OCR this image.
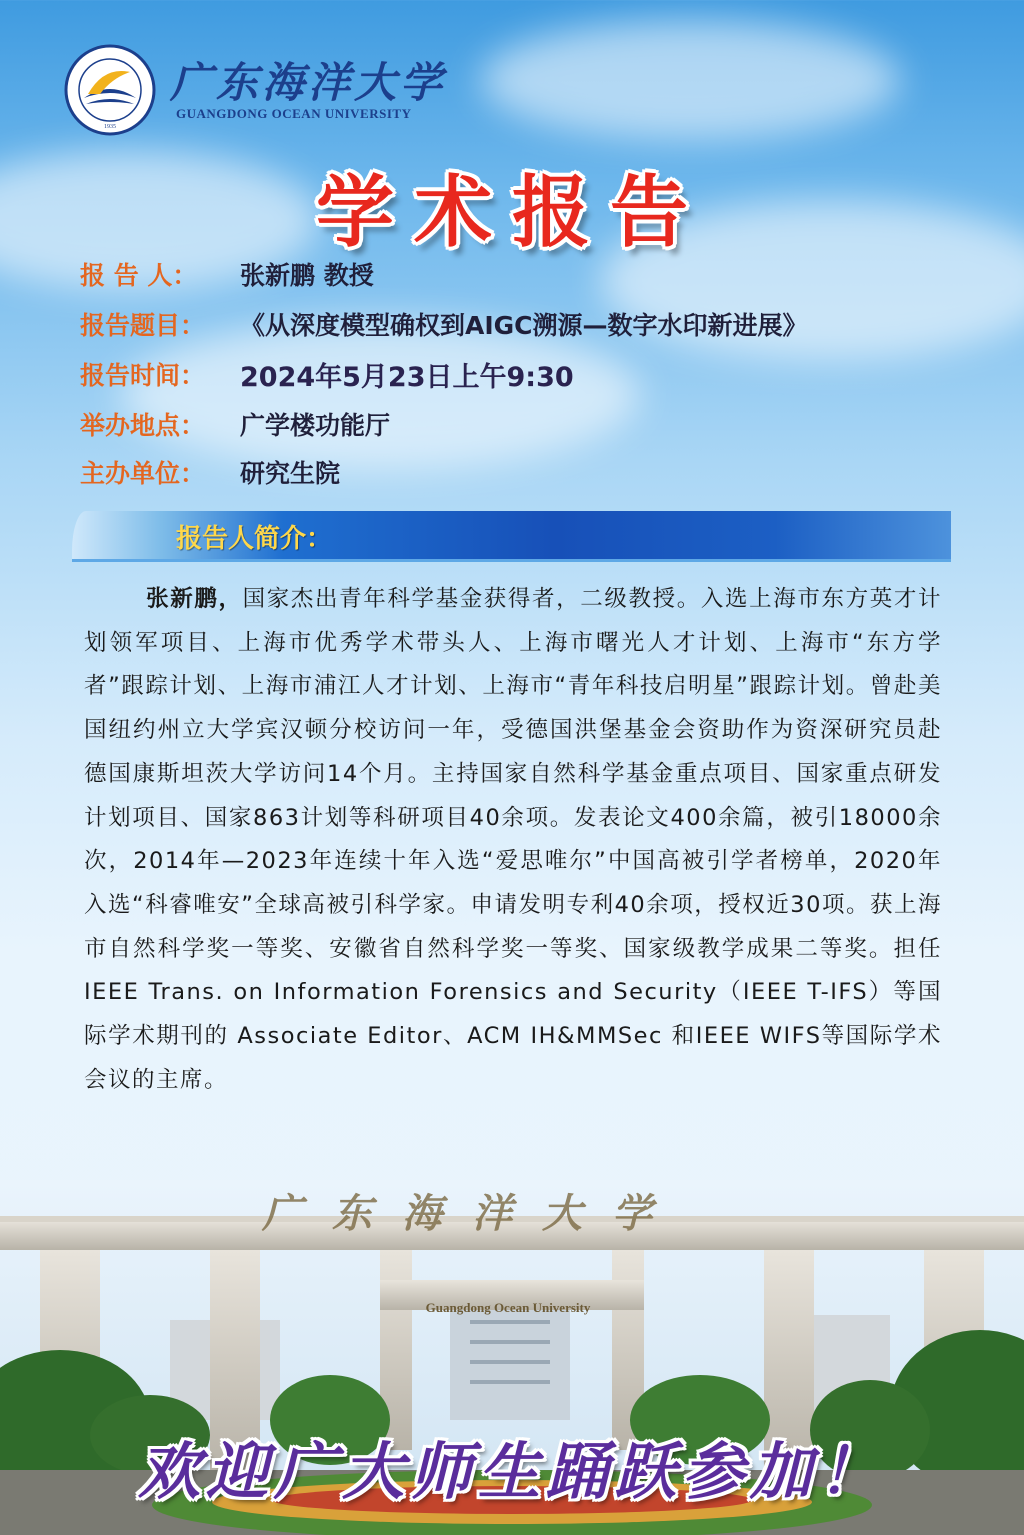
1935
广东海洋大学
GUANGDONG OCEAN UNIVERSITY
学术报告
报 告 人：	张新鹏 教授
报告题目：	《从深度模型确权到AIGC溯源—数字水印新进展》
报告时间：	2024年5月23日上午9:30
举办地点：	广学楼功能厅
主办单位：	研究生院
报告人简介：

张新鹏，国家杰出青年科学基金获得者，二级教授。入选上海市东方英才计划领军项目、上海市优秀学术带头人、上海市曙光人才计划、上海市“东方学者”跟踪计划、上海市浦江人才计划、上海市“青年科技启明星”跟踪计划。曾赴美国纽约州立大学宾汉顿分校访问一年，受德国洪堡基金会资助作为资深研究员赴德国康斯坦茨大学访问14个月。主持国家自然科学基金重点项目、国家重点研发计划项目、国家863计划等科研项目40余项。发表论文400余篇，被引18000余次，2014年—2023年连续十年入选“爱思唯尔”中国高被引学者榜单，2020年入选“科睿唯安”全球高被引科学家。申请发明专利40余项，授权近30项。获上海市自然科学奖一等奖、安徽省自然科学奖一等奖、国家级教学成果二等奖。担任 IEEE Trans. on Information Forensics and Security（IEEE T-IFS）等国际学术期刊的 Associate Editor、ACM IH&MMSec 和IEEE WIFS等国际学术会议的主席。

广东海洋大学
Guangdong Ocean University
欢迎广大师生踊跃参加！
